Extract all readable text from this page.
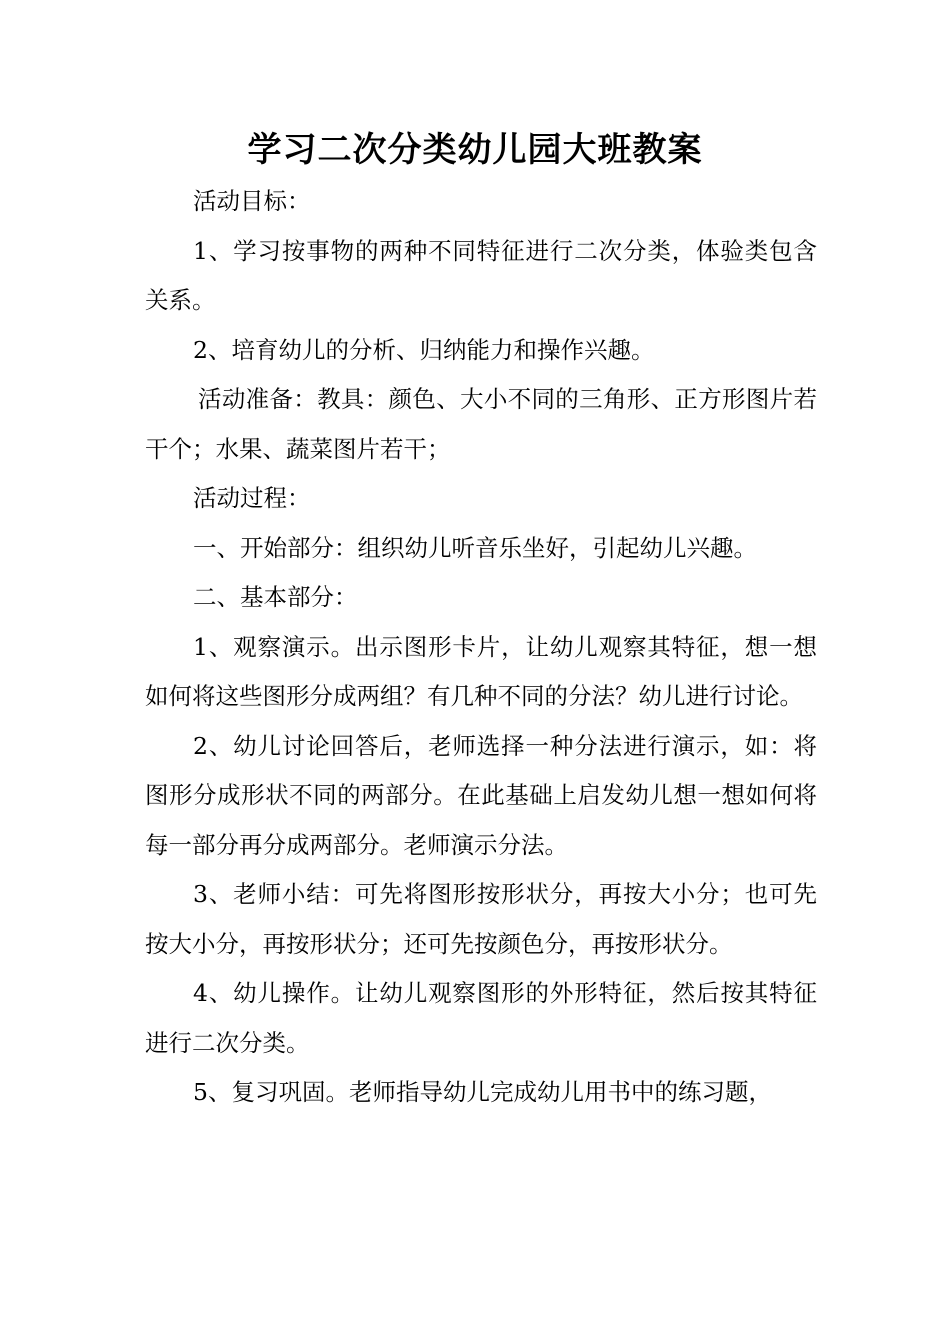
学习二次分类幼儿园大班教案

活动目标：

1、学习按事物的两种不同特征进行二次分类，体验类包含关系。

2、培育幼儿的分析、归纳能力和操作兴趣。

活动准备：教具：颜色、大小不同的三角形、正方形图片若干个；水果、蔬菜图片若干；

活动过程：

一、开始部分：组织幼儿听音乐坐好，引起幼儿兴趣。

二、基本部分：

1、观察演示。出示图形卡片，让幼儿观察其特征，想一想如何将这些图形分成两组？有几种不同的分法？幼儿进行讨论。

2、幼儿讨论回答后，老师选择一种分法进行演示，如：将图形分成形状不同的两部分。在此基础上启发幼儿想一想如何将每一部分再分成两部分。老师演示分法。

3、老师小结：可先将图形按形状分，再按大小分；也可先按大小分，再按形状分；还可先按颜色分，再按形状分。

4、幼儿操作。让幼儿观察图形的外形特征，然后按其特征进行二次分类。

5、复习巩固。老师指导幼儿完成幼儿用书中的练习题，
